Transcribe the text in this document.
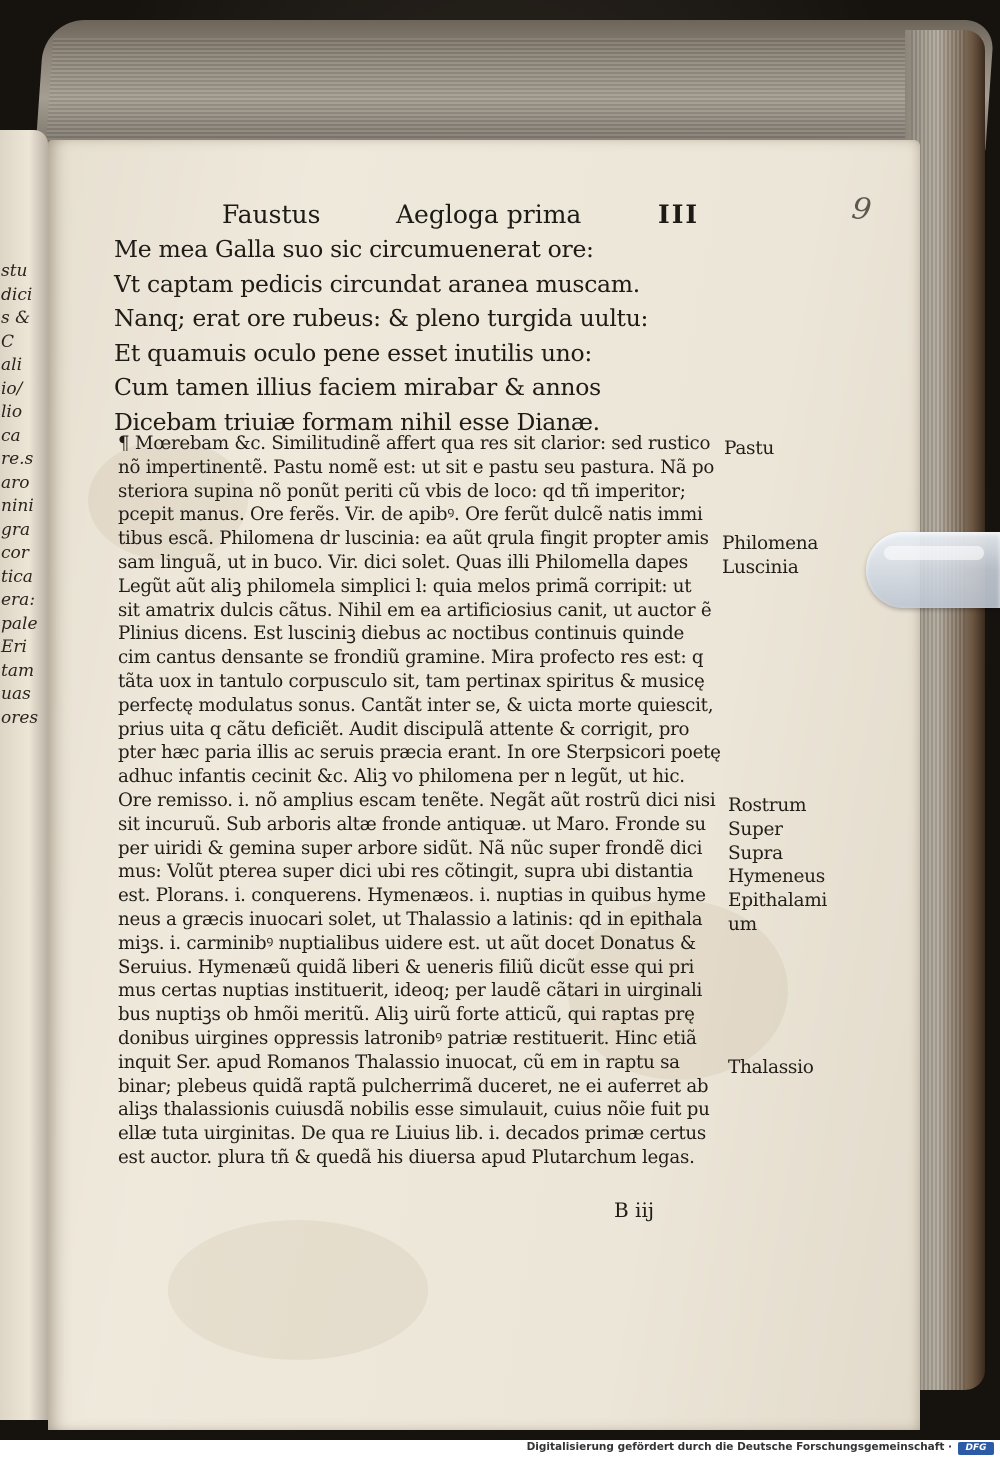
stu
dici
s &
C
ali
io/
lio
ca
re.s
aro
nini
gra
cor
tica
era:
pale
Eri
tam
uas
ores
9
Faustus	Aegloga prima	III
Me mea Galla suo sic circumuenerat ore:
Vt captam pedicis circundat aranea muscam.
Nanq; erat ore rubeus: & pleno turgida uultu:
Et quamuis oculo pene esset inutilis uno:
Cum tamen illius faciem mirabar & annos
Dicebam triuiæ formam nihil esse Dianæ.
¶ Mœrebam &c. Similitudinẽ affert qua res sit clarior: sed rustico
nõ impertinentẽ. Pastu nomẽ est: ut sit e pastu seu pastura. Nã po
steriora supina nõ ponũt periti cũ vbis de loco: qd tñ imperitor;
pcepit manus. Ore ferẽs. Vir. de apibꝰ. Ore ferũt dulcẽ natis immi
tibus escã. Philomena dr luscinia: ea aũt qrula fingit propter amis
sam linguã, ut in buco. Vir. dici solet. Quas illi Philomella dapes
Legũt aũt aliꝫ philomela simplici l: quia melos primã corripit: ut
sit amatrix dulcis cãtus. Nihil em ea artificiosius canit, ut auctor ẽ
Plinius dicens. Est lusciniꝫ diebus ac noctibus continuis quinde
cim cantus densante se frondiũ gramine. Mira profecto res est: q
tãta uox in tantulo corpusculo sit, tam pertinax spiritus & musicę
perfectę modulatus sonus. Cantãt inter se, & uicta morte quiescit,
prius uita q cãtu deficiẽt. Audit discipulã attente & corrigit, pro
pter hæc paria illis ac seruis præcia erant. In ore Sterpsicori poetę
adhuc infantis cecinit &c. Aliꝫ vo philomena per n legũt, ut hic.
Ore remisso. i. nõ amplius escam tenẽte. Negãt aũt rostrũ dici nisi
sit incuruũ. Sub arboris altæ fronde antiquæ. ut Maro. Fronde su
per uiridi & gemina super arbore sidũt. Nã nũc super frondẽ dici
mus: Volũt pterea super dici ubi res cõtingit, supra ubi distantia
est. Plorans. i. conquerens. Hymenæos. i. nuptias in quibus hyme
neus a græcis inuocari solet, ut Thalassio a latinis: qd in epithala
miꝫs. i. carminibꝰ nuptialibus uidere est. ut aũt docet Donatus &
Seruius. Hymenæũ quidã liberi & ueneris filiũ dicũt esse qui pri
mus certas nuptias instituerit, ideoq; per laudẽ cãtari in uirginali
bus nuptiꝫs ob hmõi meritũ. Aliꝫ uirũ forte atticũ, qui raptas prę
donibus uirgines oppressis latronibꝰ patriæ restituerit. Hinc etiã
inquit Ser. apud Romanos Thalassio inuocat, cũ em in raptu sa
binar; plebeus quidã raptã pulcherrimã duceret, ne ei auferret ab
aliꝫs thalassionis cuiusdã nobilis esse simulauit, cuius nõie fuit pu
ellæ tuta uirginitas. De qua re Liuius lib. i. decados primæ certus
est auctor. plura tñ & quedã his diuersa apud Plutarchum legas.
Pastu
Philomena
Luscinia
Rostrum
Super
Supra
Hymeneus
Epithalami
um
Thalassio
B iij
Digitalisierung gefördert durch die Deutsche Forschungsgemeinschaft ·	DFG
